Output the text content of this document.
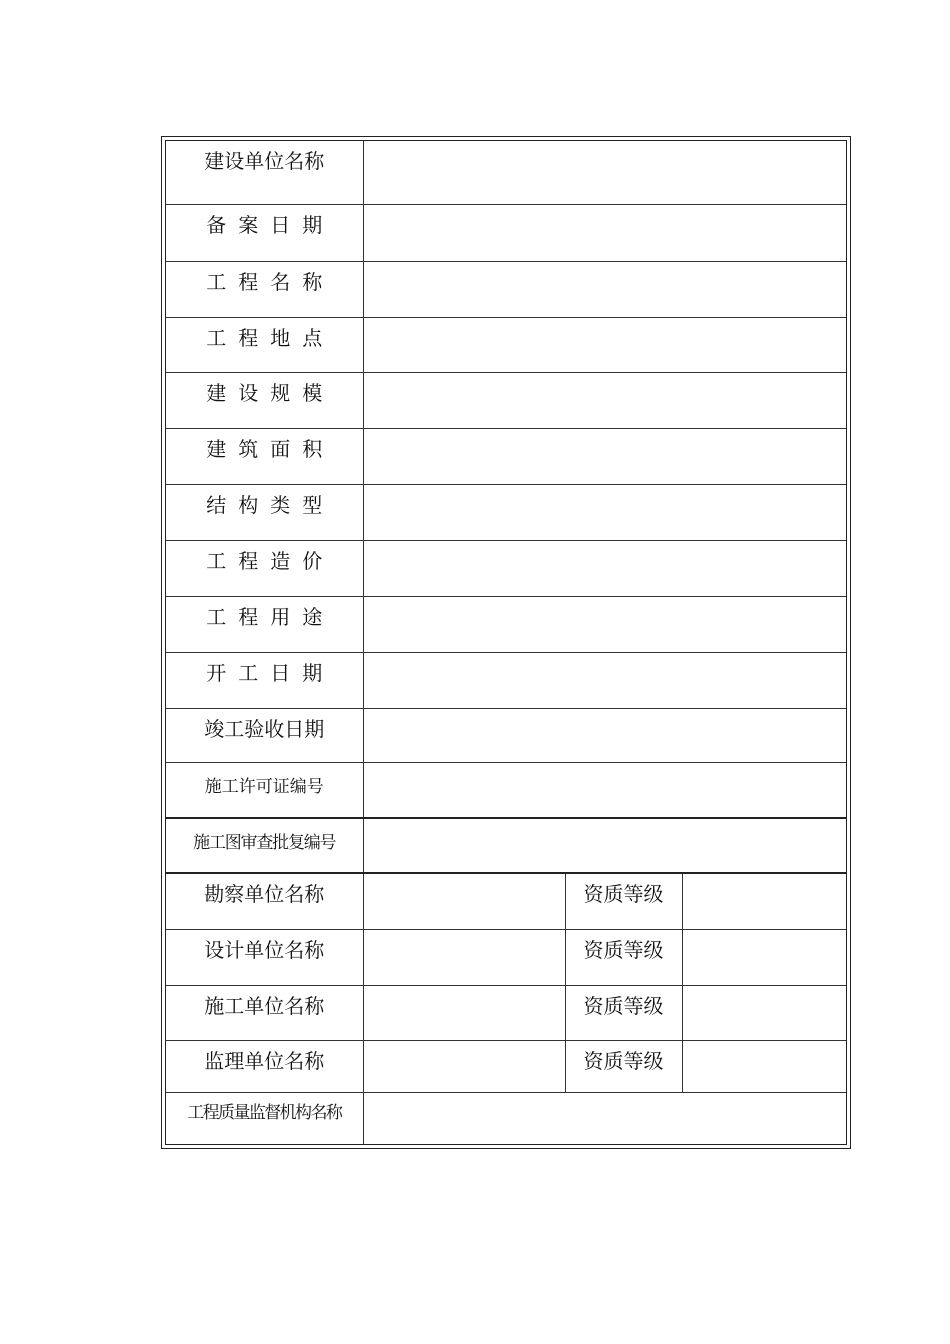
建设单位名称			
备案日期			
工程名称			
工程地点			
建设规模			
建筑面积			
结构类型			
工程造价			
工程用途			
开工日期			
竣工验收日期			
施工许可证编号			
施工图审查批复编号			
勘察单位名称		资质等级	
设计单位名称		资质等级	
施工单位名称		资质等级	
监理单位名称		资质等级	
工程质量监督机构名称			
